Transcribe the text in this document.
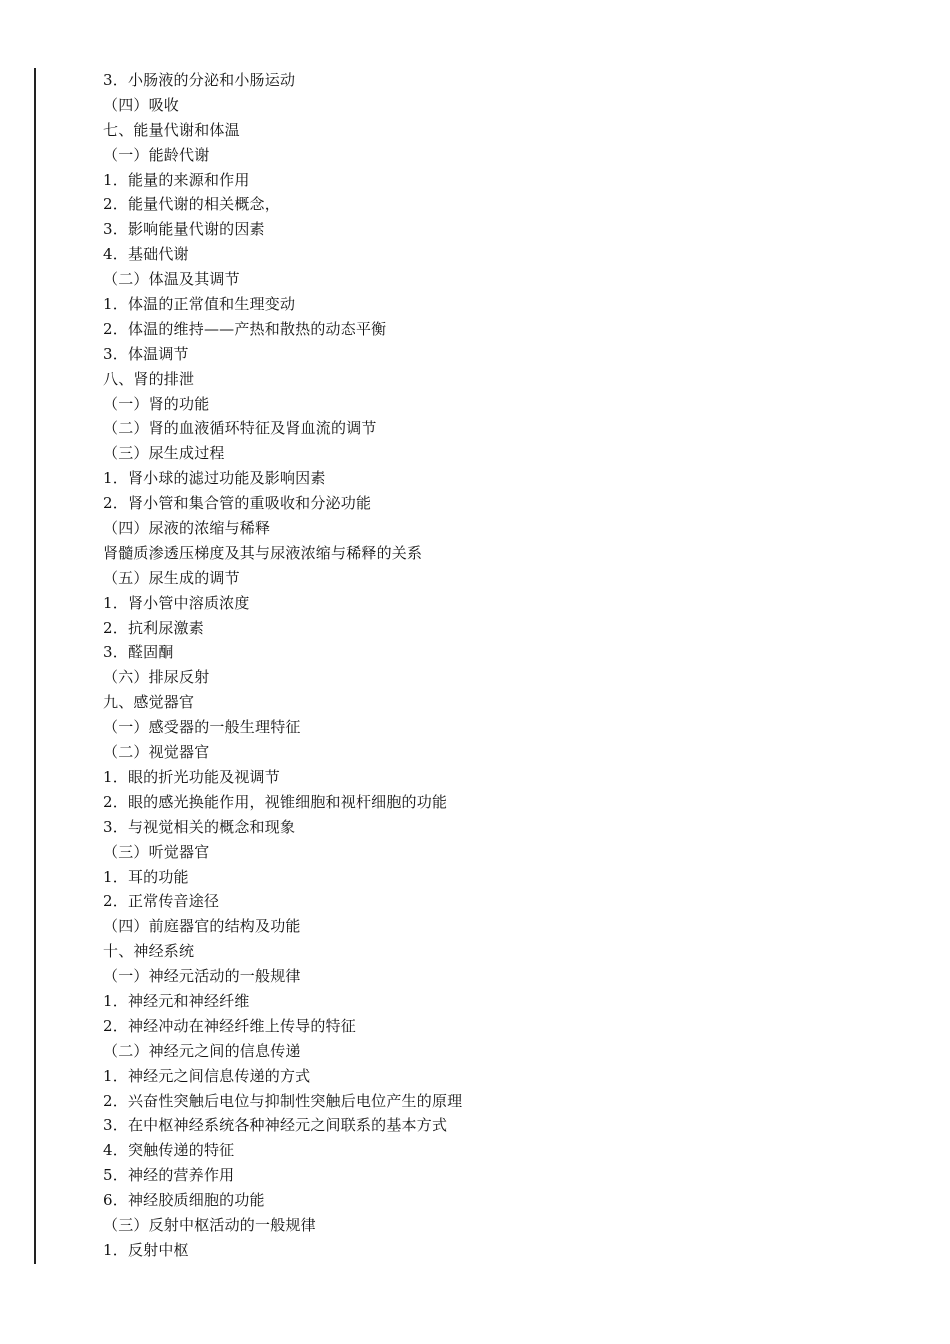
3．小肠液的分泌和小肠运动
（四）吸收
七、能量代谢和体温
（一）能龄代谢
1．能量的来源和作用
2．能量代谢的相关概念，
3．影响能量代谢的因素
4．基础代谢
（二）体温及其调节
1．体温的正常值和生理变动
2．体温的维持——产热和散热的动态平衡
3．体温调节
八、肾的排泄
（一）肾的功能
（二）肾的血液循环特征及肾血流的调节
（三）尿生成过程
1．肾小球的滤过功能及影响因素
2．肾小管和集合管的重吸收和分泌功能
（四）尿液的浓缩与稀释
肾髓质渗透压梯度及其与尿液浓缩与稀释的关系
（五）尿生成的调节
1．肾小管中溶质浓度
2．抗利尿激素
3．醛固酮
（六）排尿反射
九、感觉器官
（一）感受器的一般生理特征
（二）视觉器官
1．眼的折光功能及视调节
2．眼的感光换能作用，视锥细胞和视杆细胞的功能
3．与视觉相关的概念和现象
（三）听觉器官
1．耳的功能
2．正常传音途径
（四）前庭器官的结构及功能
十、神经系统
（一）神经元活动的一般规律
1．神经元和神经纤维
2．神经冲动在神经纤维上传导的特征
（二）神经元之间的信息传递
1．神经元之间信息传递的方式
2．兴奋性突触后电位与抑制性突触后电位产生的原理
3．在中枢神经系统各种神经元之间联系的基本方式
4．突触传递的特征
5．神经的营养作用
6．神经胶质细胞的功能
（三）反射中枢活动的一般规律
1．反射中枢
